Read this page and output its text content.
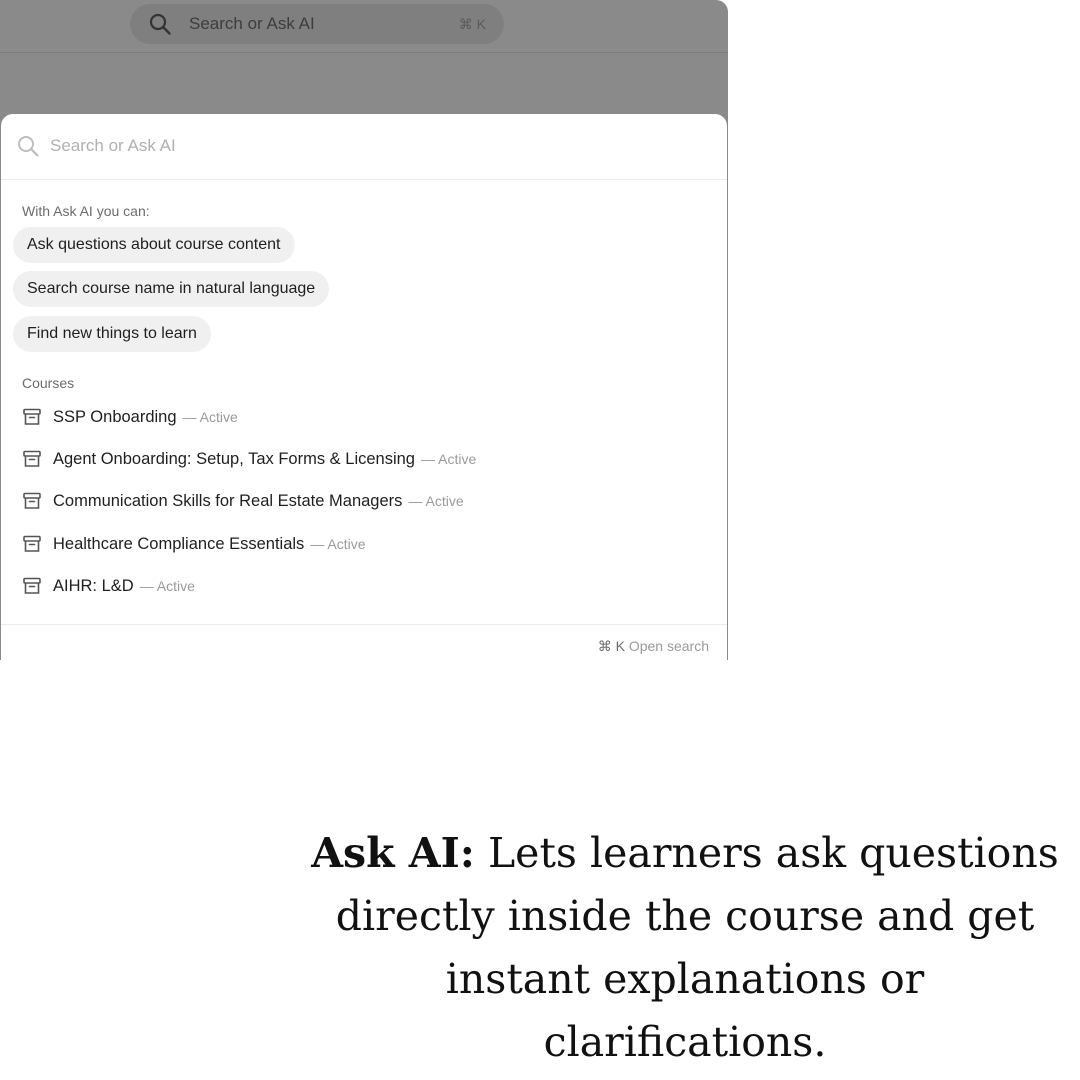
Search or Ask AI	⌘ K
Search or Ask AI
With Ask AI you can:
Ask questions about course content
Search course name in natural language
Find new things to learn
Courses
SSP Onboarding — Active
Agent Onboarding: Setup, Tax Forms & Licensing — Active
Communication Skills for Real Estate Managers — Active
Healthcare Compliance Essentials — Active
AIHR: L&D — Active
⌘ K Open search
Ask AI: Lets learners ask questions directly inside the course and get instant explanations or clarifications.
